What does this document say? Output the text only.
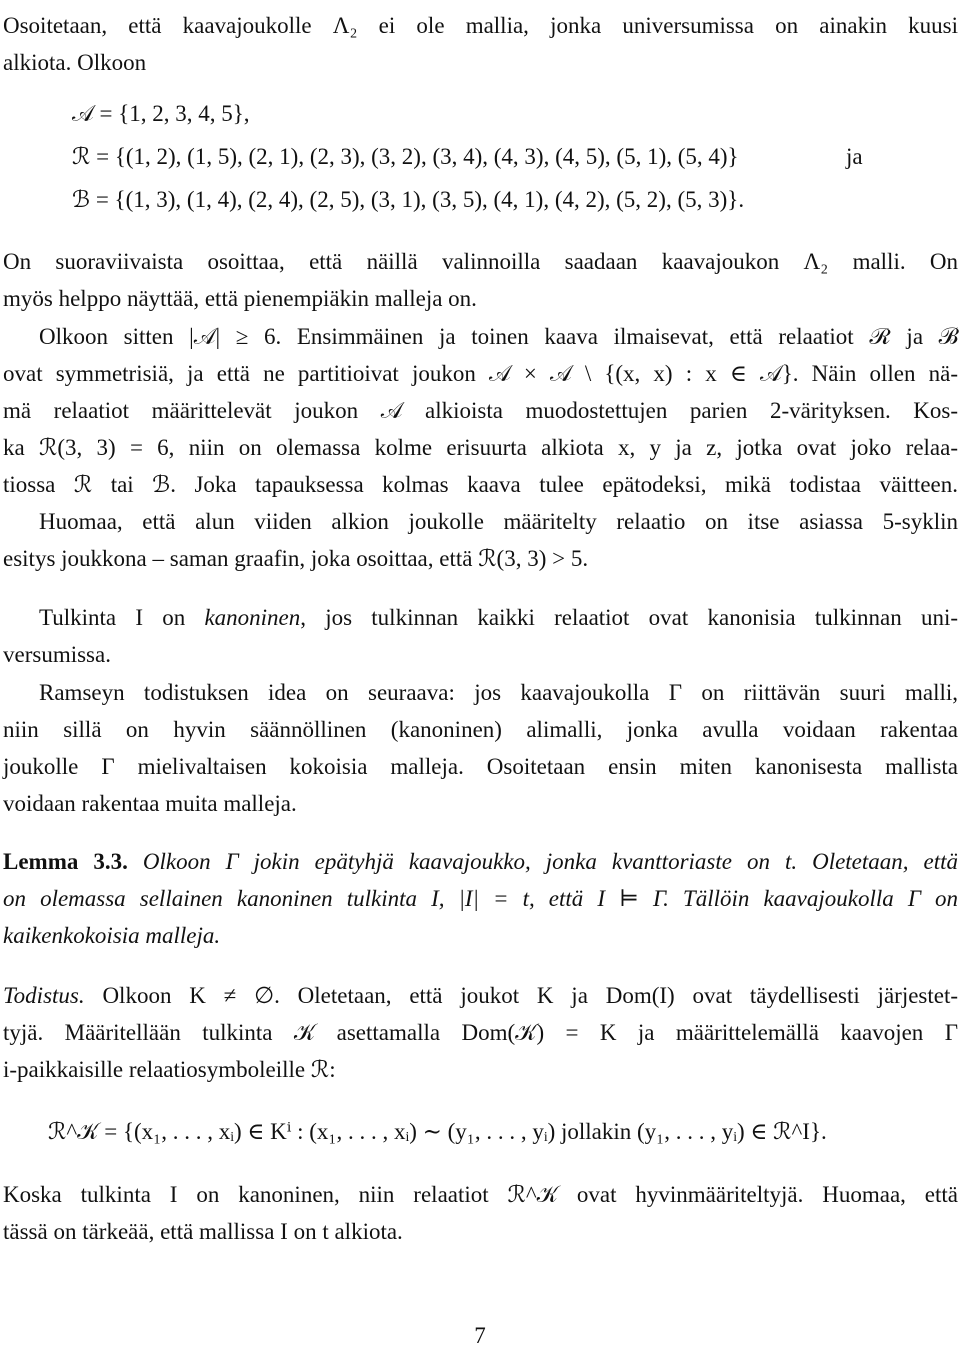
Osoitetaan, että kaavajoukolle Λ₂ ei ole mallia, jonka universumissa on ainakin kuusi
alkiota. Olkoon
𝒜 = {1, 2, 3, 4, 5},
ℛ = {(1, 2), (1, 5), (2, 1), (2, 3), (3, 2), (3, 4), (4, 3), (4, 5), (5, 1), (5, 4)}	ja
ℬ = {(1, 3), (1, 4), (2, 4), (2, 5), (3, 1), (3, 5), (4, 1), (4, 2), (5, 2), (5, 3)}.
On suoraviivaista osoittaa, että näillä valinnoilla saadaan kaavajoukon Λ₂ malli. On
myös helppo näyttää, että pienempiäkin malleja on.
Olkoon sitten |𝒜| ≥ 6. Ensimmäinen ja toinen kaava ilmaisevat, että relaatiot ℛ ja ℬ
ovat symmetrisiä, ja että ne partitioivat joukon 𝒜 × 𝒜 \ {(x, x) : x ∈ 𝒜}. Näin ollen nä-
mä relaatiot määrittelevät joukon 𝒜 alkioista muodostettujen parien 2-värityksen. Kos-
ka ℛ(3, 3) = 6, niin on olemassa kolme erisuurta alkiota x, y ja z, jotka ovat joko relaa-
tiossa ℛ tai ℬ. Joka tapauksessa kolmas kaava tulee epätodeksi, mikä todistaa väitteen.
Huomaa, että alun viiden alkion joukolle määritelty relaatio on itse asiassa 5-syklin
esitys joukkona – saman graafin, joka osoittaa, että ℛ(3, 3) > 5.
Tulkinta I on kanoninen, jos tulkinnan kaikki relaatiot ovat kanonisia tulkinnan uni-
versumissa.
Ramseyn todistuksen idea on seuraava: jos kaavajoukolla Γ on riittävän suuri malli,
niin sillä on hyvin säännöllinen (kanoninen) alimalli, jonka avulla voidaan rakentaa
joukolle Γ mielivaltaisen kokoisia malleja. Osoitetaan ensin miten kanonisesta mallista
voidaan rakentaa muita malleja.
Lemma 3.3. Olkoon Γ jokin epätyhjä kaavajoukko, jonka kvanttoriaste on t. Oletetaan, että
on olemassa sellainen kanoninen tulkinta I, |I| = t, että I ⊨ Γ. Tällöin kaavajoukolla Γ on
kaikenkokoisia malleja.
Todistus. Olkoon K ≠ ∅. Oletetaan, että joukot K ja Dom(I) ovat täydellisesti järjestet-
tyjä. Määritellään tulkinta 𝒦 asettamalla Dom(𝒦) = K ja määrittelemällä kaavojen Γ
i-paikkaisille relaatiosymboleille ℛ:
ℛ^𝒦 = {(x₁, . . . , xᵢ) ∈ Kⁱ : (x₁, . . . , xᵢ) ∼ (y₁, . . . , yᵢ) jollakin (y₁, . . . , yᵢ) ∈ ℛ^I}.
Koska tulkinta I on kanoninen, niin relaatiot ℛ^𝒦 ovat hyvinmääriteltyjä. Huomaa, että
tässä on tärkeää, että mallissa I on t alkiota.
7
